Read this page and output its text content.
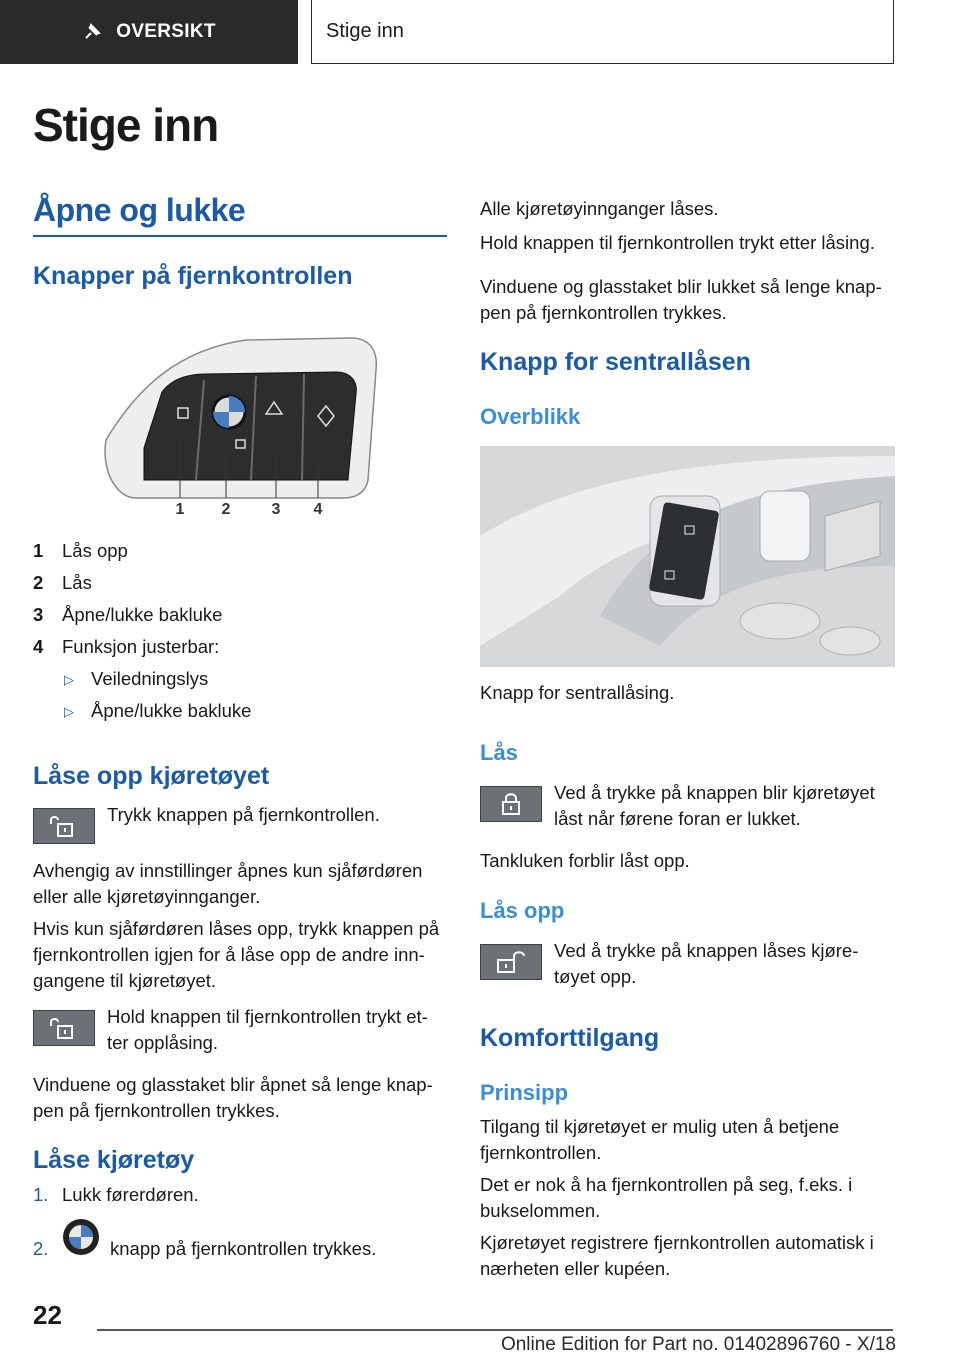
OVERSIKT	Stige inn
Stige inn
Åpne og lukke
Knapper på fjernkontrollen
1 2	3 4
1 Lås opp
2 Lås
3 Åpne/lukke bakluke
4 Funksjon justerbar:
▷ Veiledningslys
▷ Åpne/lukke bakluke
Låse opp kjøretøyet
Trykk knappen på fjernkontrollen.
Avhengig av innstillinger åpnes kun sjåførdøren
eller alle kjøretøyinnganger.
Hvis kun sjåførdøren låses opp, trykk knappen på
fjernkontrollen igjen for å låse opp de andre inn‐
gangene til kjøretøyet.
Hold knappen til fjernkontrollen trykt et‐
ter opplåsing.
Vinduene og glasstaket blir åpnet så lenge knap‐
pen på fjernkontrollen trykkes.
Låse kjøretøy
1. Lukk førerdøren.
2.	knapp på fjernkontrollen trykkes.
Alle kjøretøyinnganger låses.
Hold knappen til fjernkontrollen trykt etter låsing.
Vinduene og glasstaket blir lukket så lenge knap‐
pen på fjernkontrollen trykkes.
Knapp for sentrallåsen
Overblikk
Knapp for sentrallåsing.
Lås
Ved å trykke på knappen blir kjøretøyet
låst når førene foran er lukket.
Tankluken forblir låst opp.
Lås opp
Ved å trykke på knappen låses kjøre‐
tøyet opp.
Komforttilgang
Prinsipp
Tilgang til kjøretøyet er mulig uten å betjene
fjernkontrollen.
Det er nok å ha fjernkontrollen på seg, f.eks. i
bukselommen.
Kjøretøyet registrere fjernkontrollen automatisk i
nærheten eller kupéen.
22
Online Edition for Part no. 01402896760 - X/18
